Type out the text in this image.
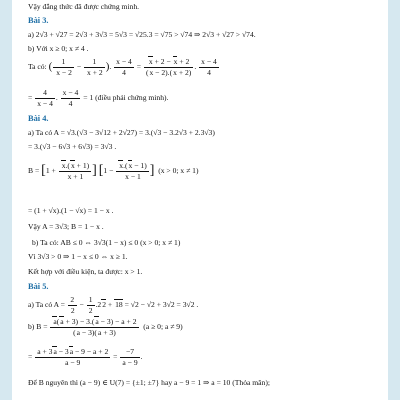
Vậy đẳng thức đã được chứng minh.
Bài 3.
a) 2√3 + √27 = 2√3 + 3√3 = 5√3 = √25.3 = √75 > √74 ⇒ 2√3 + √27 > √74.
b) Với x ≥ 0; x ≠ 4 .
Ta có: ( $\frac{1}{x - 2} - \frac{1}{x + 2}$ ). $\frac{x - 4}{4} = \frac{x + 2 - x + 2}{(x - 2).(x + 2)}$ . $\frac{x - 4}{4}$
= $\frac{4}{x - 4}$ . $\frac{x - 4}{4} = 1$ (điều phải chứng minh).
Bài 4.
a) Ta có A = √3.(√3 − 3√12 + 2√27) = 3.(√3 − 3.2√3 + 2.3√3)
= 3.(√3 − 6√3 + 6√3) = 3√3 .
$B = [1 + \frac{x.(x + 1)}{x + 1}$ ] [$1 - \frac{x.(x - 1)}{x - 1}$ ] (x > 0; x ≠ 1)
= (1 + √x).(1 − √x) = 1 − x .
Vậy A = 3√3; B = 1 − x .
b) Ta có: AB ≤ 0 ⇔ 3√3(1 − x) ≤ 0 (x > 0; x ≠ 1)
Vì 3√3 > 0 ⇒ 1 − x ≤ 0 ⇔ x ≥ 1.
Kết hợp với điều kiện, ta được: x > 1.
Bài 5.
a) Ta có $A = \frac{2}{2} - \frac{1}{2} .22 + 18 = √2 - √2 + 3√2 = 3√2$ .
b) $B = \frac{a(a + 3) - 3.(a - 3) - a + 2}{(a - 3)(a + 3)} (a \ge 0$; a ≠ 9)
= $\frac{a + 3a - 3a - 9 - a + 2}{a - 9} = \frac{-7}{a - 9}$ .
Để B nguyên thì (a − 9) ∈ U(7) = {±1; ±7} hay a − 9 = 1 ⇒ a = 10 (Thỏa mãn);
